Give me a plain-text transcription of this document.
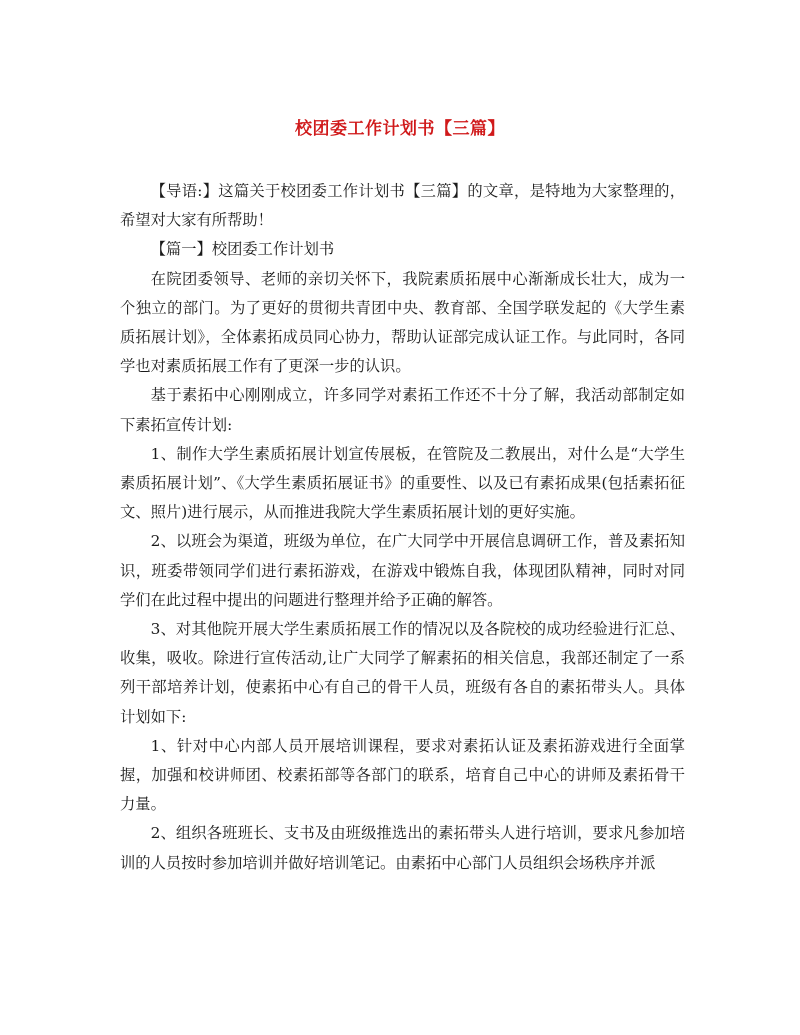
校团委工作计划书【三篇】

【导语:】这篇关于校团委工作计划书【三篇】的文章，是特地为大家整理的，希望对大家有所帮助！

【篇一】校团委工作计划书

在院团委领导、老师的亲切关怀下，我院素质拓展中心渐渐成长壮大，成为一个独立的部门。为了更好的贯彻共青团中央、教育部、全国学联发起的《大学生素质拓展计划》，全体素拓成员同心协力，帮助认证部完成认证工作。与此同时，各同学也对素质拓展工作有了更深一步的认识。

基于素拓中心刚刚成立，许多同学对素拓工作还不十分了解，我活动部制定如下素拓宣传计划:

1、制作大学生素质拓展计划宣传展板，在管院及二教展出，对什么是“大学生素质拓展计划”、《大学生素质拓展证书》的重要性、以及已有素拓成果(包括素拓征文、照片)进行展示，从而推进我院大学生素质拓展计划的更好实施。

2、以班会为渠道，班级为单位，在广大同学中开展信息调研工作，普及素拓知识，班委带领同学们进行素拓游戏，在游戏中锻炼自我，体现团队精神，同时对同学们在此过程中提出的问题进行整理并给予正确的解答。

3、对其他院开展大学生素质拓展工作的情况以及各院校的成功经验进行汇总、收集，吸收。除进行宣传活动,让广大同学了解素拓的相关信息，我部还制定了一系列干部培养计划，使素拓中心有自己的骨干人员，班级有各自的素拓带头人。具体计划如下:

1、针对中心内部人员开展培训课程，要求对素拓认证及素拓游戏进行全面掌握，加强和校讲师团、校素拓部等各部门的联系，培育自己中心的讲师及素拓骨干力量。

2、组织各班班长、支书及由班级推选出的素拓带头人进行培训，要求凡参加培训的人员按时参加培训并做好培训笔记。由素拓中心部门人员组织会场秩序并派
